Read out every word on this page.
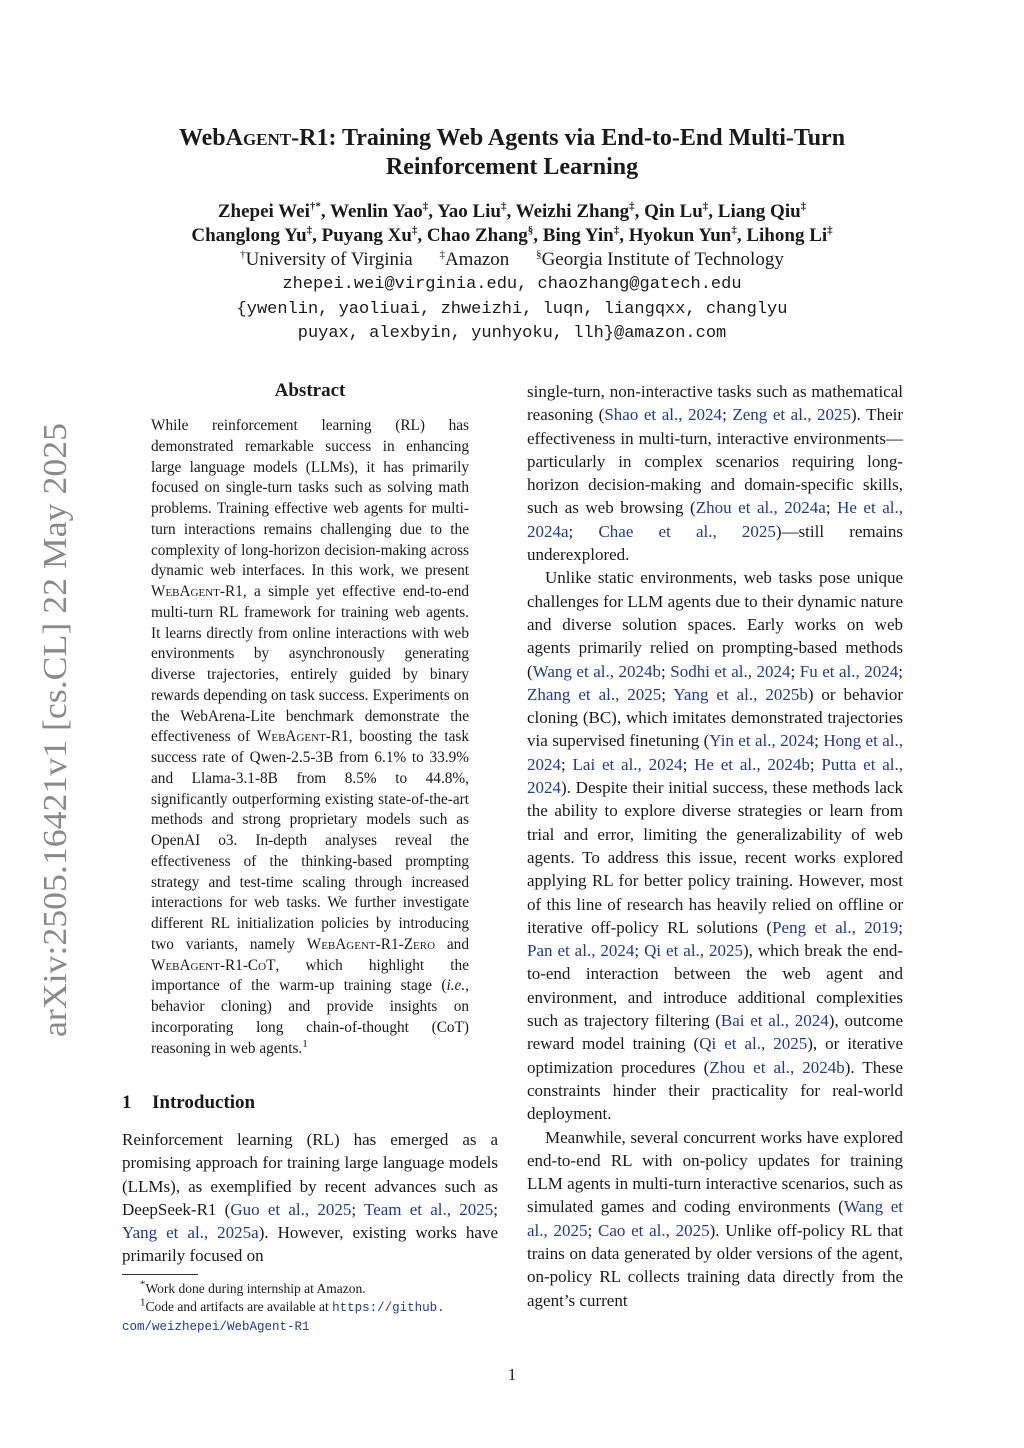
arXiv:2505.16421v1 [cs.CL] 22 May 2025
WebAgent-R1: Training Web Agents via End-to-End Multi-Turn
Reinforcement Learning
Zhepei Wei†*, Wenlin Yao‡, Yao Liu‡, Weizhi Zhang‡, Qin Lu‡, Liang Qiu‡
Changlong Yu‡, Puyang Xu‡, Chao Zhang§, Bing Yin‡, Hyokun Yun‡, Lihong Li‡
†University of Virginia ‡Amazon §Georgia Institute of Technology
zhepei.wei@virginia.edu, chaozhang@gatech.edu
{ywenlin, yaoliuai, zhweizhi, luqn, liangqxx, changlyu
puyax, alexbyin, yunhyoku, llh}@amazon.com
Abstract

While reinforcement learning (RL) has demonstrated remarkable success in enhancing large language models (LLMs), it has primarily focused on single-turn tasks such as solving math problems. Training effective web agents for multi-turn interactions remains challenging due to the complexity of long-horizon decision-making across dynamic web interfaces. In this work, we present WebAgent-R1, a simple yet effective end-to-end multi-turn RL framework for training web agents. It learns directly from online interactions with web environments by asynchronously generating diverse trajectories, entirely guided by binary rewards depending on task success. Experiments on the WebArena-Lite benchmark demonstrate the effectiveness of WebAgent-R1, boosting the task success rate of Qwen-2.5-3B from 6.1% to 33.9% and Llama-3.1-8B from 8.5% to 44.8%, significantly outperforming existing state-of-the-art methods and strong proprietary models such as OpenAI o3. In-depth analyses reveal the effectiveness of the thinking-based prompting strategy and test-time scaling through increased interactions for web tasks. We further investigate different RL initialization policies by introducing two variants, namely WebAgent-R1-Zero and WebAgent-R1-CoT, which highlight the importance of the warm-up training stage (i.e., behavior cloning) and provide insights on incorporating long chain-of-thought (CoT) reasoning in web agents.$^1$

1 Introduction
Reinforcement learning (RL) has emerged as a promising approach for training large language models (LLMs), as exemplified by recent advances such as DeepSeek-R1 (Guo et al., 2025; Team et al., 2025; Yang et al., 2025a). However, existing works have primarily focused on

*Work done during internship at Amazon.

$^1$Code and artifacts are available at https://github.
com/weizhepei/WebAgent-R1

single-turn, non-interactive tasks such as mathematical reasoning (Shao et al., 2024; Zeng et al., 2025). Their effectiveness in multi-turn, interactive environments—particularly in complex scenarios requiring long-horizon decision-making and domain-specific skills, such as web browsing (Zhou et al., 2024a; He et al., 2024a; Chae et al., 2025)—still remains underexplored.

Unlike static environments, web tasks pose unique challenges for LLM agents due to their dynamic nature and diverse solution spaces. Early works on web agents primarily relied on prompting-based methods (Wang et al., 2024b; Sodhi et al., 2024; Fu et al., 2024; Zhang et al., 2025; Yang et al., 2025b) or behavior cloning (BC), which imitates demonstrated trajectories via supervised finetuning (Yin et al., 2024; Hong et al., 2024; Lai et al., 2024; He et al., 2024b; Putta et al., 2024). Despite their initial success, these methods lack the ability to explore diverse strategies or learn from trial and error, limiting the generalizability of web agents. To address this issue, recent works explored applying RL for better policy training. However, most of this line of research has heavily relied on offline or iterative off-policy RL solutions (Peng et al., 2019; Pan et al., 2024; Qi et al., 2025), which break the end-to-end interaction between the web agent and environment, and introduce additional complexities such as trajectory filtering (Bai et al., 2024), outcome reward model training (Qi et al., 2025), or iterative optimization procedures (Zhou et al., 2024b). These constraints hinder their practicality for real-world deployment.

Meanwhile, several concurrent works have explored end-to-end RL with on-policy updates for training LLM agents in multi-turn interactive scenarios, such as simulated games and coding environments (Wang et al., 2025; Cao et al., 2025). Unlike off-policy RL that trains on data generated by older versions of the agent, on-policy RL collects training data directly from the agent’s current

1
